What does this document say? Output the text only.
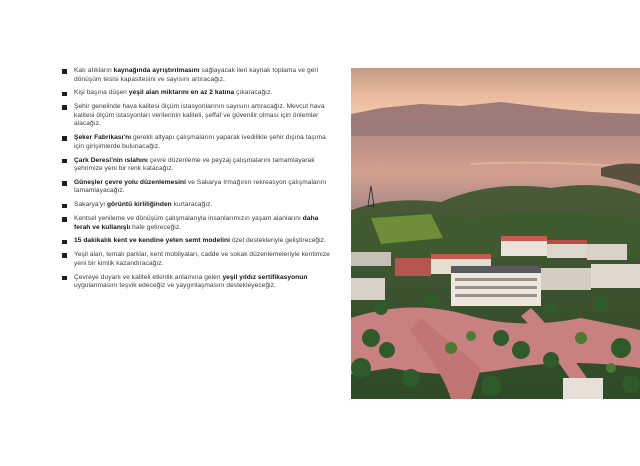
Katı atıkların kaynağında ayrıştırılmasını sağlayacak ileri kaynak toplama ve geri dönüşüm tesisi kapasitesini ve sayısını artıracağız.
Kişi başına düşen yeşil alan miktarını en az 2 katına çıkaracağız.
Şehir genelinde hava kalitesi ölçüm istasyonlarının sayısını artıracağız. Mevcut hava kalitesi ölçüm istasyonları verilerinin kaliteli, şeffaf ve güvenilir olması için önlemler alacağız.
Şeker Fabrikası'nı gerekli altyapı çalışmalarını yaparak ivedilikle şehir dışına taşıma için girişimlerde bulunacağız.
Çark Deresi'nin ıslahını çevre düzenleme ve peyzaj çalışmalarını tamamlayarak şehrimize yeni bir renk katacağız.
Güneşler çevre yolu düzenlemesini ve Sakarya Irmağının rekreasyon çalışmalarını tamamlayacağız.
Sakarya'yı görüntü kirliliğinden kurtaracağız.
Kentsel yenileme ve dönüşüm çalışmalarıyla insanlarımızın yaşam alanlarını daha ferah ve kullanışlı hale getireceğiz.
15 dakikalık kent ve kendine yeten semt modelini özel destekleriyle geliştireceğiz.
Yeşil alan, temalı parklar, kent mobilyaları, cadde ve sokak düzenlemeleriyle kentimize yeni bir kimlik kazandıracağız.
Çevreye duyarlı ve kaliteli etkinlik anlamına gelen yeşil yıldız sertifikasyonun uygulanmasını teşvik edeceğiz ve yaygınlaşmasını destekleyeceğiz.
